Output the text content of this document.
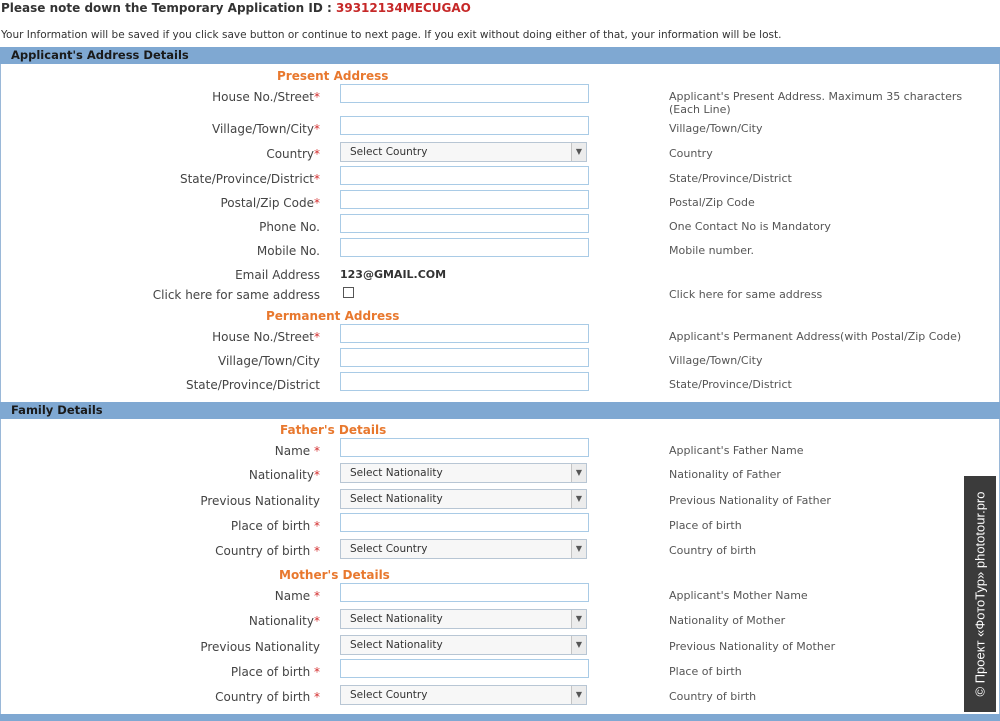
Please note down the Temporary Application ID : 39312134MECUGAO
Your Information will be saved if you click save button or continue to next page. If you exit without doing either of that, your information will be lost.
Applicant's Address Details
Present Address
House No./Street*	Applicant's Present Address. Maximum 35 characters (Each Line)
Village/Town/City*	Village/Town/City
Country*	Select Country	▼	Country
State/Province/District*	State/Province/District
Postal/Zip Code*	Postal/Zip Code
Phone No.	One Contact No is Mandatory
Mobile No.	Mobile number.
Email Address 123@GMAIL.COM
Click here for same address	Click here for same address
Permanent Address
House No./Street*	Applicant's Permanent Address(with Postal/Zip Code)
Village/Town/City	Village/Town/City
State/Province/District	State/Province/District
Family Details
Father's Details
Name *	Applicant's Father Name
Nationality*	Select Nationality	▼	Nationality of Father
Previous Nationality	Select Nationality	▼	Previous Nationality of Father
Place of birth *	Place of birth
Country of birth *	Select Country	▼	Country of birth
Mother's Details
Name *	Applicant's Mother Name
Nationality*	Select Nationality	▼	Nationality of Mother
Previous Nationality	Select Nationality	▼	Previous Nationality of Mother
Place of birth *	Place of birth
Country of birth *	Select Country	▼	Country of birth
© Проект «ФотоТур» phototour.pro
